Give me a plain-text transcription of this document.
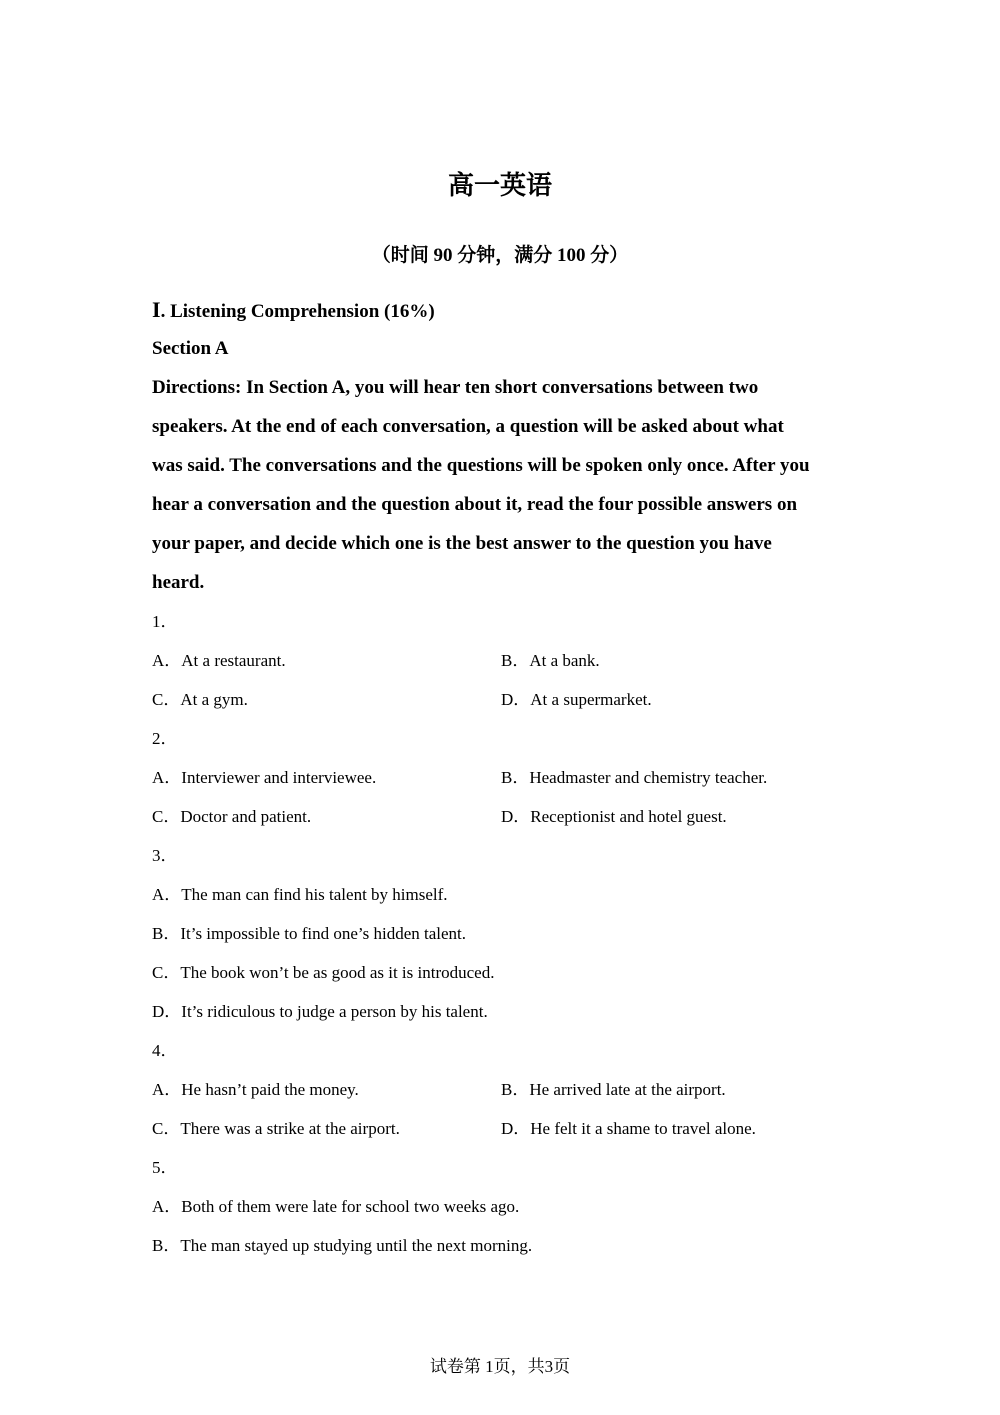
高一英语
（时间 90 分钟，满分 100 分）
I. Listening Comprehension (16%)
Section A
Directions: In Section A, you will hear ten short conversations between two
speakers. At the end of each conversation, a question will be asked about what
was said. The conversations and the questions will be spoken only once. After you
hear a conversation and the question about it, read the four possible answers on
your paper, and decide which one is the best answer to the question you have
heard.
1．
A．At a restaurant.	B．At a bank.
C．At a gym.	D．At a supermarket.
2．
A．Interviewer and interviewee.	B．Headmaster and chemistry teacher.
C．Doctor and patient.	D．Receptionist and hotel guest.
3．
A．The man can find his talent by himself.
B．It’s impossible to find one’s hidden talent.
C．The book won’t be as good as it is introduced.
D．It’s ridiculous to judge a person by his talent.
4．
A．He hasn’t paid the money.	B．He arrived late at the airport.
C．There was a strike at the airport.	D．He felt it a shame to travel alone.
5．
A．Both of them were late for school two weeks ago.
B．The man stayed up studying until the next morning.
试卷第 1页，共3页
